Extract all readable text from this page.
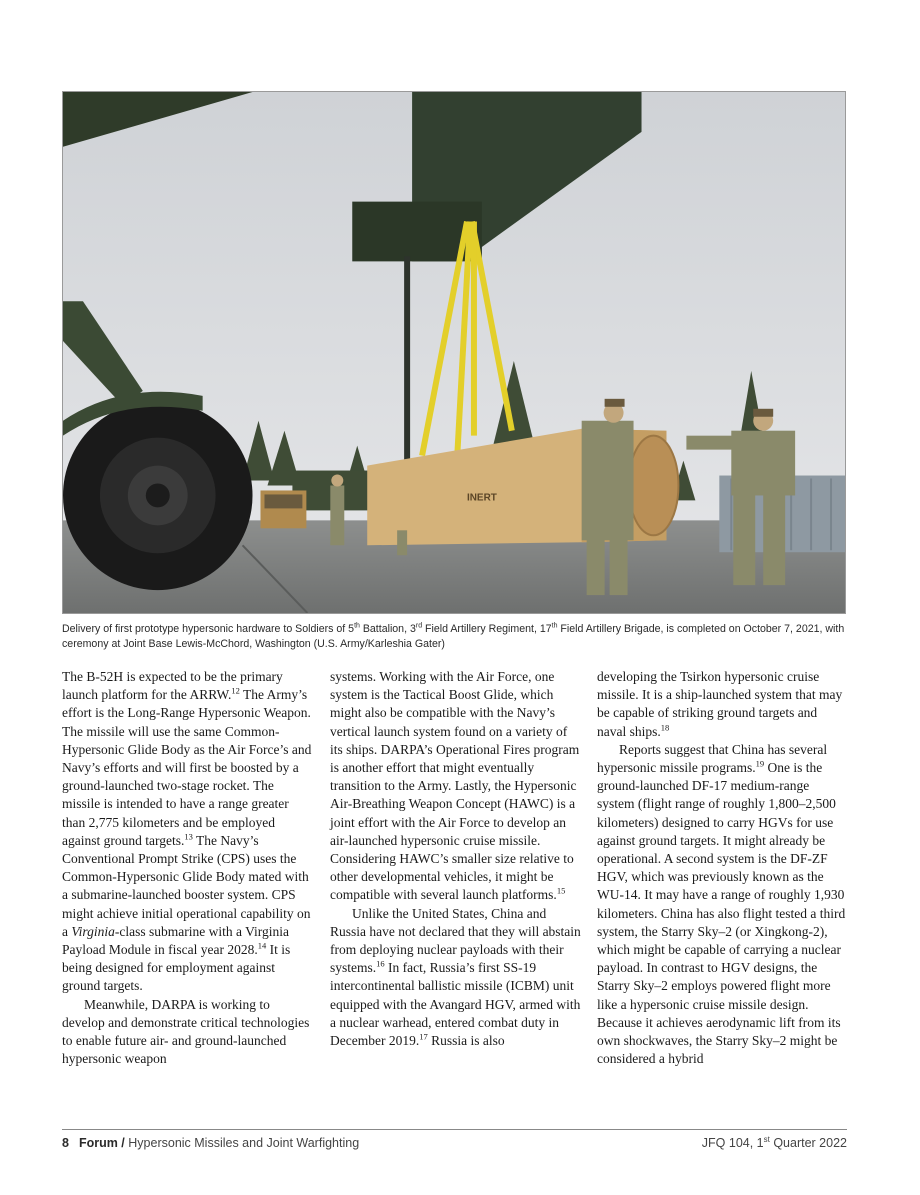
INERT
Delivery of first prototype hypersonic hardware to Soldiers of 5th Battalion, 3rd Field Artillery Regiment, 17th Field Artillery Brigade, is completed on October 7, 2021, with ceremony at Joint Base Lewis-McChord, Washington (U.S. Army/Karleshia Gater)

The B-52H is expected to be the primary launch platform for the ARRW.$^{12}$ The Army’s effort is the Long-Range Hypersonic Weapon. The missile will use the same Common-Hypersonic Glide Body as the Air Force’s and Navy’s efforts and will first be boosted by a ground-launched two-stage rocket. The missile is intended to have a range greater than 2,775 kilometers and be employed against ground targets.$^{13}$ The Navy’s Conventional Prompt Strike (CPS) uses the Common-Hypersonic Glide Body mated with a submarine-launched booster system. CPS might achieve initial operational capability on a Virginia-class submarine with a Virginia Payload Module in fiscal year 2028.14 It is being designed for employment against ground targets.

Meanwhile, DARPA is working to develop and demonstrate critical technologies to enable future air- and ground-launched hypersonic weapon

systems. Working with the Air Force, one system is the Tactical Boost Glide, which might also be compatible with the Navy’s vertical launch system found on a variety of its ships. DARPA’s Operational Fires program is another effort that might eventually transition to the Army. Lastly, the Hypersonic Air-Breathing Weapon Concept (HAWC) is a joint effort with the Air Force to develop an air-launched hypersonic cruise missile. Considering HAWC’s smaller size relative to other developmental vehicles, it might be compatible with several launch platforms.$^{15}$

Unlike the United States, China and Russia have not declared that they will abstain from deploying nuclear payloads with their systems.$^{16}$ In fact, Russia’s first SS-19 intercontinental ballistic missile (ICBM) unit equipped with the Avangard HGV, armed with a nuclear warhead, entered combat duty in December 2019.17 Russia is also

developing the Tsirkon hypersonic cruise missile. It is a ship-launched system that may be capable of striking ground targets and naval ships.$^{18}$

Reports suggest that China has several hypersonic missile programs.$^{19}$ One is the ground-launched DF-17 medium-range system (flight range of roughly 1,800–2,500 kilometers) designed to carry HGVs for use against ground targets. It might already be operational. A second system is the DF-ZF HGV, which was previously known as the WU-14. It may have a range of roughly 1,930 kilometers. China has also flight tested a third system, the Starry Sky–2 (or Xingkong-2), which might be capable of carrying a nuclear payload. In contrast to HGV designs, the Starry Sky–2 employs powered flight more like a hypersonic cruise missile design. Because it achieves aerodynamic lift from its own shockwaves, the Starry Sky–2 might be considered a hybrid

8 Forum / Hypersonic Missiles and Joint Warfighting	JFQ 104, 1st Quarter 2022
